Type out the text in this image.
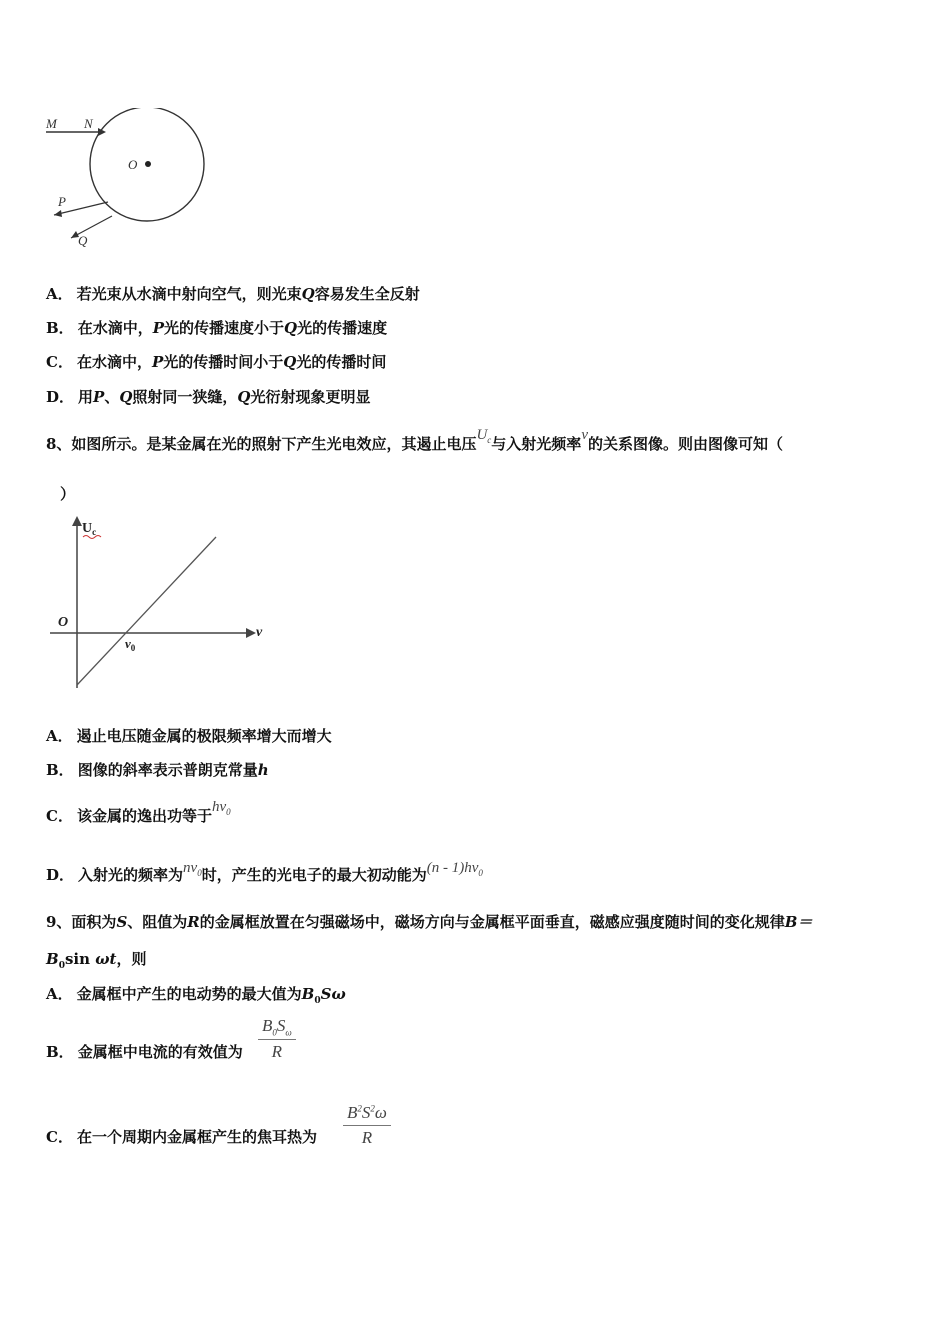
M N
O
P
Q
A． 若光束从水滴中射向空气，则光束Q容易发生全反射
B． 在水滴中，P光的传播速度小于Q光的传播速度
C． 在水滴中，P光的传播时间小于Q光的传播时间
D． 用P、Q照射同一狭缝，Q光衍射现象更明显
8、如图所示。是某金属在光的照射下产生光电效应，其遏止电压$U_c$与入射光频率ν的关系图像。则由图像可知（
）
$U_c$
O
ν
$\nu_0$
A． 遏止电压随金属的极限频率增大而增大
B． 图像的斜率表示普朗克常量h
C． 该金属的逸出功等于$h\nu_0$
D． 入射光的频率为$n\nu_0$时，产生的光电子的最大初动能为$(n - 1)h\nu_0$
9、面积为S、阻值为R的金属框放置在匀强磁场中，磁场方向与金属框平面垂直，磁感应强度随时间的变化规律B＝
$B_0\sin$ ωt，则
A． 金属框中产生的电动势的最大值为$B_0S\omega$
B． 金属框中电流的有效值为 $\frac{B_0S_\omega}{R}$
C． 在一个周期内金属框产生的焦耳热为 $\frac{B^2S^2\omega}{R}$
